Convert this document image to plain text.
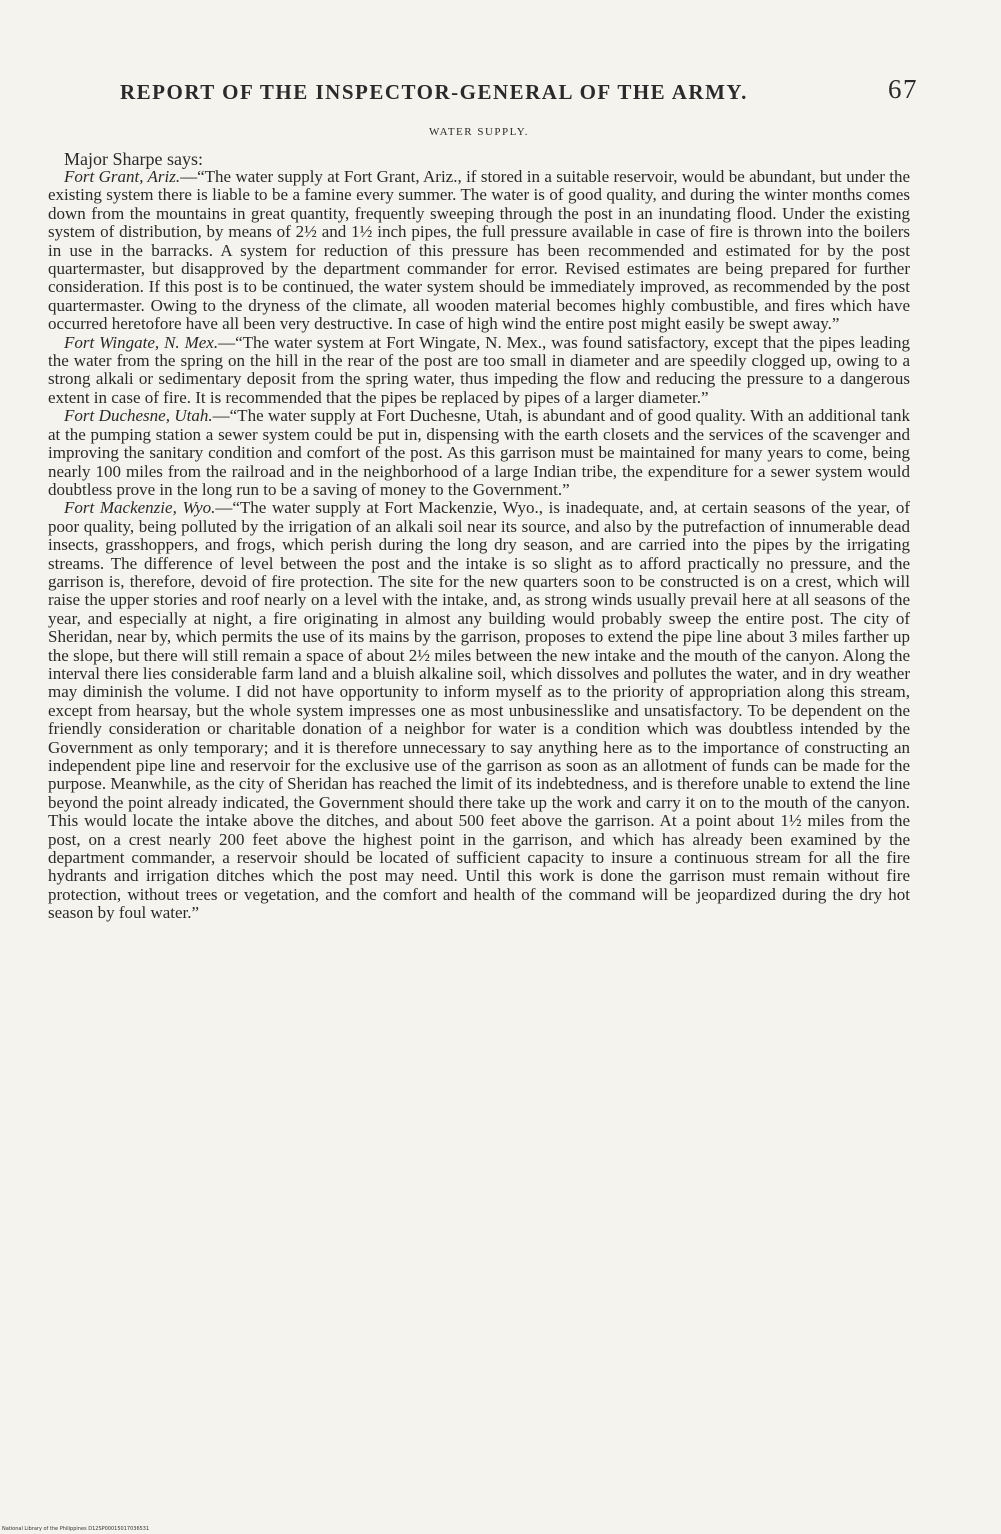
REPORT OF THE INSPECTOR-GENERAL OF THE ARMY.	67
WATER SUPPLY.

Major Sharpe says:

Fort Grant, Ariz.—“The water supply at Fort Grant, Ariz., if stored in a suitable reservoir, would be abundant, but under the existing system there is liable to be a famine every summer. The water is of good quality, and during the winter months comes down from the mountains in great quantity, frequently sweeping through the post in an inundating flood. Under the existing system of distribution, by means of 2½ and 1½ inch pipes, the full pressure available in case of fire is thrown into the boilers in use in the barracks. A system for reduction of this pressure has been recommended and estimated for by the post quartermaster, but disapproved by the department commander for error. Revised estimates are being prepared for further consideration. If this post is to be continued, the water system should be immediately improved, as recommended by the post quartermaster. Owing to the dryness of the climate, all wooden material becomes highly combustible, and fires which have occurred heretofore have all been very destructive. In case of high wind the entire post might easily be swept away.”

Fort Wingate, N. Mex.—“The water system at Fort Wingate, N. Mex., was found satisfactory, except that the pipes leading the water from the spring on the hill in the rear of the post are too small in diameter and are speedily clogged up, owing to a strong alkali or sedimentary deposit from the spring water, thus impeding the flow and reducing the pressure to a dangerous extent in case of fire. It is recommended that the pipes be replaced by pipes of a larger diameter.”

Fort Duchesne, Utah.—“The water supply at Fort Duchesne, Utah, is abundant and of good quality. With an additional tank at the pumping station a sewer system could be put in, dispensing with the earth closets and the services of the scavenger and improving the sanitary condition and comfort of the post. As this garrison must be maintained for many years to come, being nearly 100 miles from the railroad and in the neighborhood of a large Indian tribe, the expenditure for a sewer system would doubtless prove in the long run to be a saving of money to the Government.”

Fort Mackenzie, Wyo.—“The water supply at Fort Mackenzie, Wyo., is inadequate, and, at certain seasons of the year, of poor quality, being polluted by the irrigation of an alkali soil near its source, and also by the putrefaction of innumerable dead insects, grasshoppers, and frogs, which perish during the long dry season, and are carried into the pipes by the irrigating streams. The difference of level between the post and the intake is so slight as to afford practically no pressure, and the garrison is, therefore, devoid of fire protection. The site for the new quarters soon to be constructed is on a crest, which will raise the upper stories and roof nearly on a level with the intake, and, as strong winds usually prevail here at all seasons of the year, and especially at night, a fire originating in almost any building would probably sweep the entire post. The city of Sheridan, near by, which permits the use of its mains by the garrison, proposes to extend the pipe line about 3 miles farther up the slope, but there will still remain a space of about 2½ miles between the new intake and the mouth of the canyon. Along the interval there lies considerable farm land and a bluish alkaline soil, which dissolves and pollutes the water, and in dry weather may diminish the volume. I did not have opportunity to inform myself as to the priority of appropriation along this stream, except from hearsay, but the whole system impresses one as most unbusinesslike and unsatisfactory. To be dependent on the friendly consideration or charitable donation of a neighbor for water is a condition which was doubtless intended by the Government as only temporary; and it is therefore unnecessary to say anything here as to the importance of constructing an independent pipe line and reservoir for the exclusive use of the garrison as soon as an allotment of funds can be made for the purpose. Meanwhile, as the city of Sheridan has reached the limit of its indebtedness, and is therefore unable to extend the line beyond the point already indicated, the Government should there take up the work and carry it on to the mouth of the canyon. This would locate the intake above the ditches, and about 500 feet above the garrison. At a point about 1½ miles from the post, on a crest nearly 200 feet above the highest point in the garrison, and which has already been examined by the department commander, a reservoir should be located of sufficient capacity to insure a continuous stream for all the fire hydrants and irrigation ditches which the post may need. Until this work is done the garrison must remain without fire protection, without trees or vegetation, and the comfort and health of the command will be jeopardized during the dry hot season by foul water.”

National Library of the Philippines D12SP00015017036531
